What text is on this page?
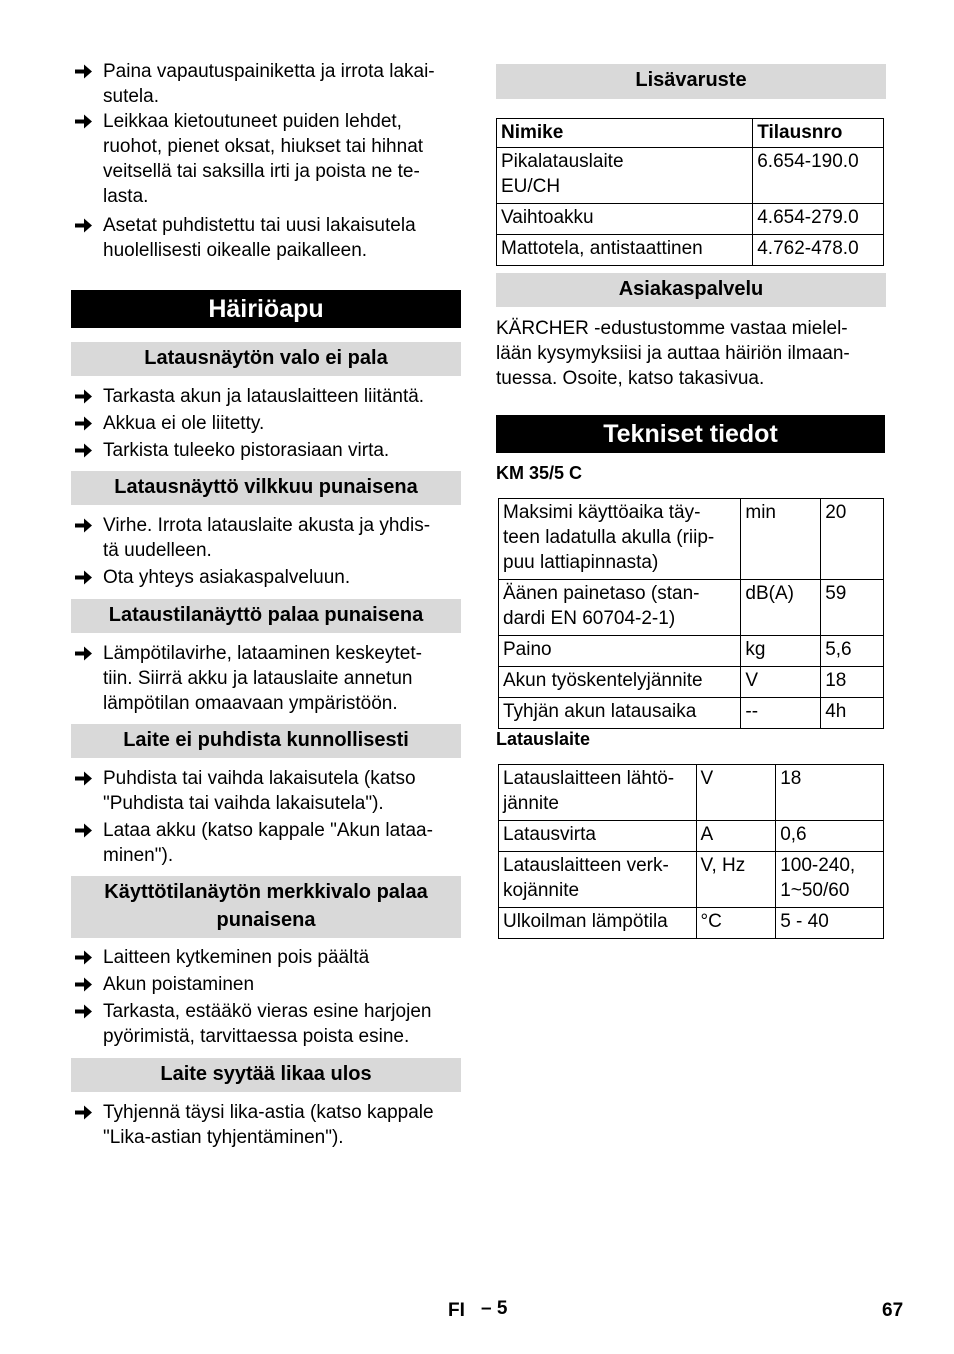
Paina vapautuspainiketta ja irrota lakai-
sutela.
Leikkaa kietoutuneet puiden lehdet,
ruohot, pienet oksat, hiukset tai hihnat
veitsellä tai saksilla irti ja poista ne te-
lasta.
Asetat puhdistettu tai uusi lakaisutela
huolellisesti oikealle paikalleen.
Häiriöapu
Latausnäytön valo ei pala
Tarkasta akun ja latauslaitteen liitäntä.
Akkua ei ole liitetty.
Tarkista tuleeko pistorasiaan virta.
Latausnäyttö vilkkuu punaisena
Virhe. Irrota latauslaite akusta ja yhdis-
tä uudelleen.
Ota yhteys asiakaspalveluun.
Lataustilanäyttö palaa punaisena
Lämpötilavirhe, lataaminen keskeytet-
tiin. Siirrä akku ja latauslaite annetun
lämpötilan omaavaan ympäristöön.
Laite ei puhdista kunnollisesti
Puhdista tai vaihda lakaisutela (katso
"Puhdista tai vaihda lakaisutela").
Lataa akku (katso kappale "Akun lataa-
minen").
Käyttötilanäytön merkkivalo palaa punaisena
Laitteen kytkeminen pois päältä
Akun poistaminen
Tarkasta, estääkö vieras esine harjojen
pyörimistä, tarvittaessa poista esine.
Laite syytää likaa ulos
Tyhjennä täysi lika-astia (katso kappale
"Lika-astian tyhjentäminen").
Lisävaruste
Nimike	Tilausnro
Pikalatauslaite
EU/CH	6.654-190.0
Vaihtoakku	4.654-279.0
Mattotela, antistaattinen	4.762-478.0
Asiakaspalvelu
KÄRCHER -edustustomme vastaa mielel-
lään kysymyksiisi ja auttaa häiriön ilmaan-
tuessa. Osoite, katso takasivua.
Tekniset tiedot
KM 35/5 C
Maksimi käyttöaika täy-
teen ladatulla akulla (riip-
puu lattiapinnasta)	min	20
Äänen painetaso (stan-
dardi EN 60704-2-1)	dB(A)	59
Paino	kg	5,6
Akun työskentelyjännite	V	18
Tyhjän akun latausaika	--	4h
Latauslaite
Latauslaitteen lähtö-
jännite	V	18
Latausvirta	A	0,6
Latauslaitteen verk-
kojännite	V, Hz	100-240,
1~50/60
Ulkoilman lämpötila	°C	5 - 40
FI – 5	67
